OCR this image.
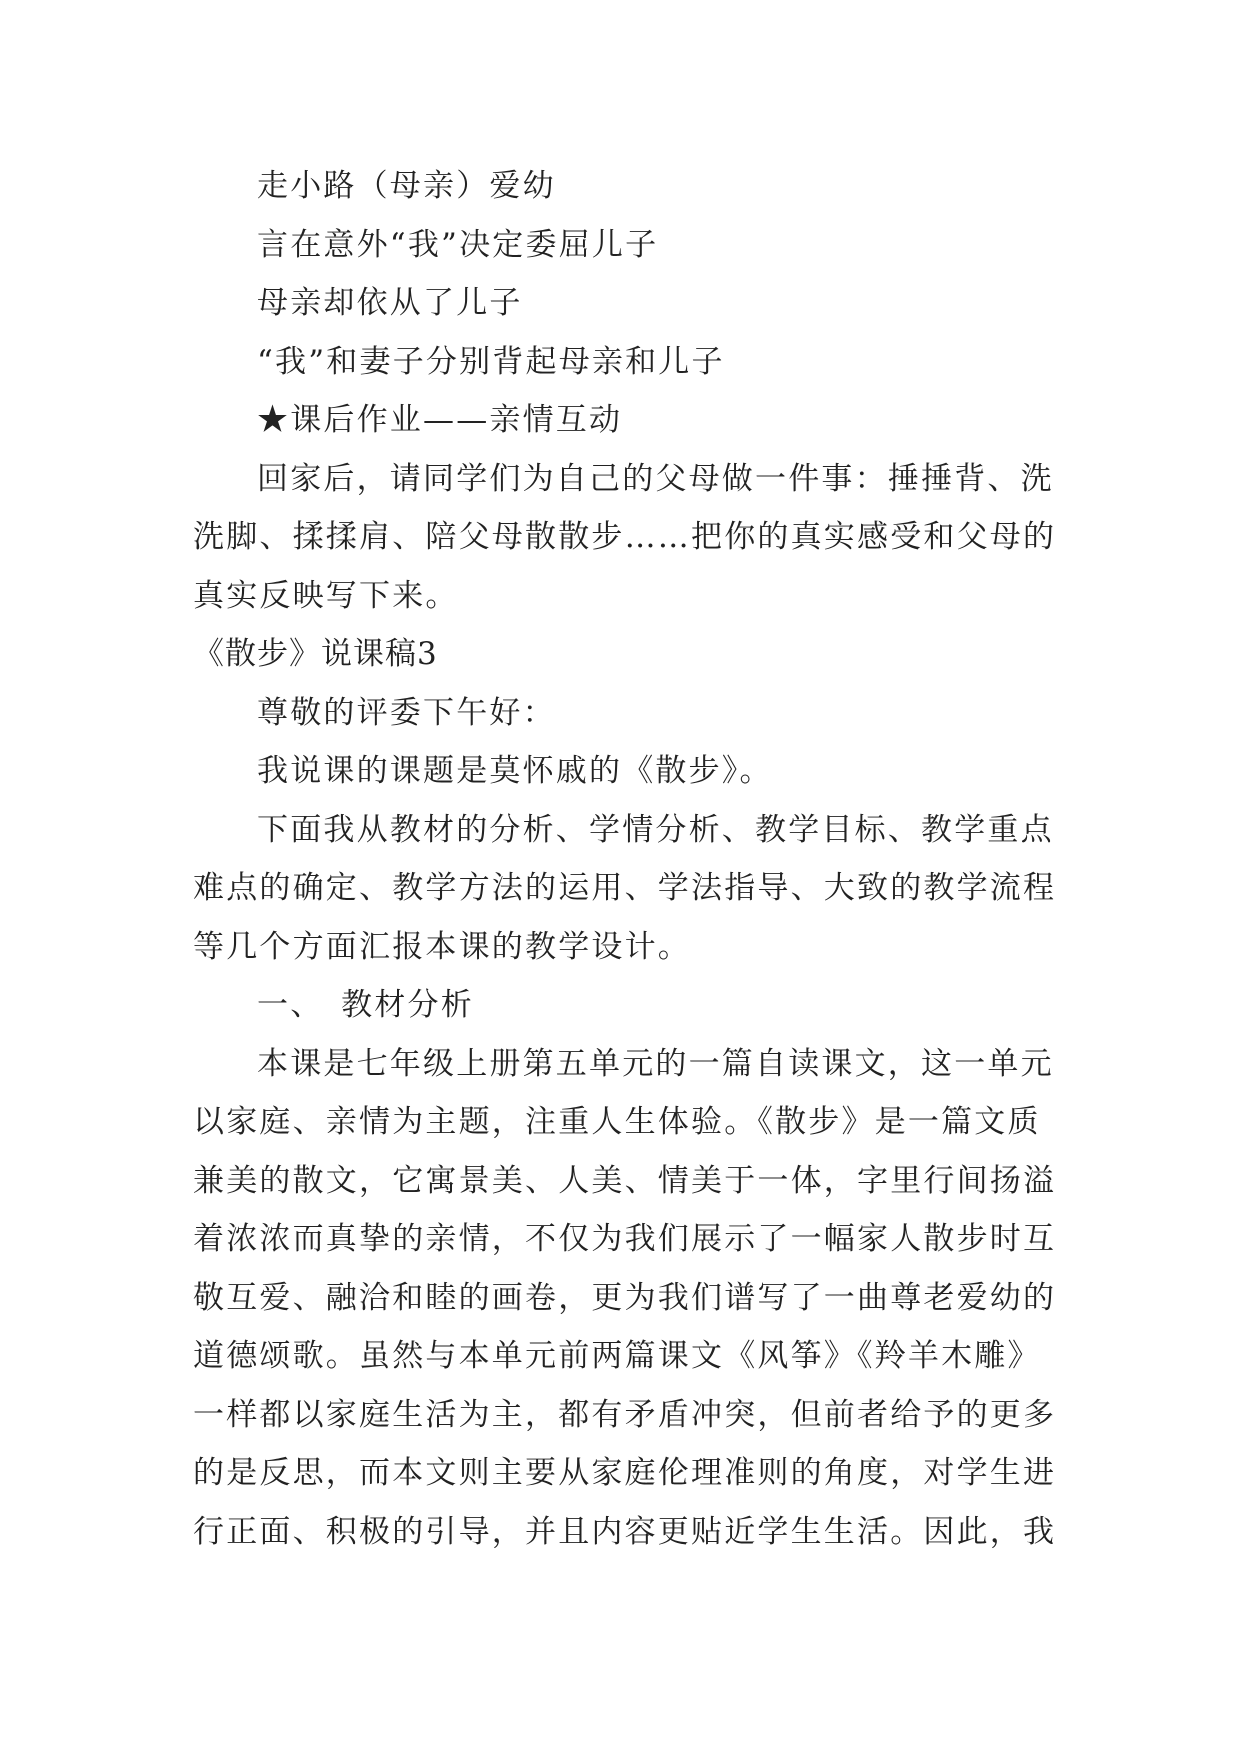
走小路（母亲）爱幼
言在意外“我”决定委屈儿子
母亲却依从了儿子
“我”和妻子分别背起母亲和儿子
★课后作业——亲情互动
回家后，请同学们为自己的父母做一件事：捶捶背、洗
洗脚、揉揉肩、陪父母散散步……把你的真实感受和父母的
真实反映写下来。
《散步》说课稿3
尊敬的评委下午好：
我说课的课题是莫怀戚的《散步》。
下面我从教材的分析、学情分析、教学目标、教学重点
难点的确定、教学方法的运用、学法指导、大致的教学流程
等几个方面汇报本课的教学设计。
一、　教材分析
本课是七年级上册第五单元的一篇自读课文，这一单元
以家庭、亲情为主题，注重人生体验。《散步》是一篇文质
兼美的散文，它寓景美、人美、情美于一体，字里行间扬溢
着浓浓而真挚的亲情，不仅为我们展示了一幅家人散步时互
敬互爱、融洽和睦的画卷，更为我们谱写了一曲尊老爱幼的
道德颂歌。虽然与本单元前两篇课文《风筝》《羚羊木雕》
一样都以家庭生活为主，都有矛盾冲突，但前者给予的更多
的是反思，而本文则主要从家庭伦理准则的角度，对学生进
行正面、积极的引导，并且内容更贴近学生生活。因此，我
